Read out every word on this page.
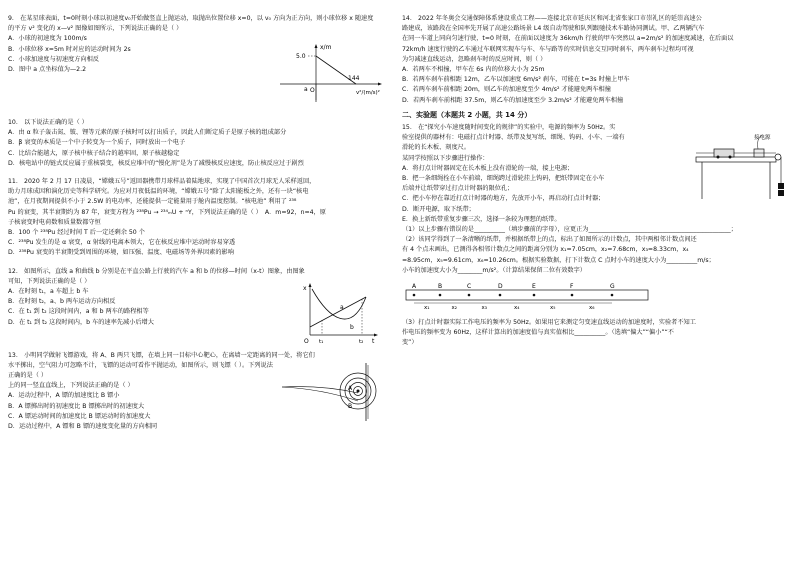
9.　在某星球表面，t=0时刻小球以初速度v₀开始做竖直上抛运动，取抛出位置位移 x=0，以 v₀ 方向为正方向，则小球位移 x 随速度的平方 v² 变化的 x—v² 图像如图所示，下列说法正确的是（ ）

A．小球的初速度为 100m/s

B．小球位移 x=5m 时对应的运动时间为 2s

C．小球加速度与初速度方向相反

D．图中 a 点坐标值为—2.2

x/m
5.0
144
v²/(m/s)²
O
a

10.　以下说法正确的是（ ）

A．由 α 粒子轰击氮、铍、锂等元素的原子核时可以打出质子，因此人们断定质子是原子核的组成部分

B．β 衰变的本质是一个中子转变为一个质子，同时放出一个电子

C．比结合能越大，原子核中核子结合的越牢固，原子核越稳定

D．核电站中的链式反应属于重核裂变，核反应堆中的“慢化剂”是为了减慢核反应速度，防止核反应过于剧烈

11.　2020 年 2 月 17 日凌晨，“嫦娥五号”返回器携带月球样品着陆地球，实现了中国首次月球无人采样返回，

助力月球成因和演化历史等科学研究。为应对月夜低温的环境，“嫦娥五号”除了太阳能板之外，还有一块“核电

池”，在月夜期间提供不小于 2.5W 的电功率，还能提供一定能量用于舱内温度控制。“核电池” 利用了 ²³⁸

Pu 的衰变，其半衰期约为 87 年，衰变方程为 ²³⁸Pu → ²³⁴ₘU + ⁿY，下列说法正确的是（ ）　A．m=92，n=4，原

子核衰变时电荷数和质量数都守恒

B．100 个 ²³⁸Pu 经过时间 T 后一定还剩余 50 个

C．²³⁸Pu 发生的是 α 衰变，α 射线的电离本领大，它在核反应堆中运动时容易穿透

D．²³⁸Pu 衰变的半衰期受到周围的环境，如压强、温度、电磁场等外界因素的影响

12.　如图所示，直线 a 和曲线 b 分别是在平直公路上行驶的汽车 a 和 b 的位移—时间（x-t）图象，由图象

可知，下列说法正确的是（ ）

A．在时刻 t₁，a 车超上 b 车

B．在时刻 t₂，a、b 两车运动方向相反

C．在 t₁ 到 t₂ 这段时间内，a 和 b 两车的路程相等

D．在 t₁ 到 t₂ 这段时间内，b 车的速率先减小后增大

x
t
O
a
b
t₁	t₂

13.　小明同学做射飞镖游戏，将 A、B 两只飞镖，在墙上同一目标中心靶心，在离墙一定距离的同一处，将它们

水平掷出，空气阻力可忽略不计，飞镖的运动可看作平抛运动，如图所示，则飞镖（ ）。下列说法正确的是（ ）

上的同一竖直直线上，下列说法正确的是（ ）

A．运动过程中，A 镖的加速度比 B 镖小

B．A 镖掷出时的初速度比 B 镖掷出时的初速度大

C．A 镖运动时间的加速度比 B 镖运动时的加速度大

D．运动过程中，A 镖和 B 镖的速度变化量的方向相同

A
B

14.　2022 年冬奥会交通保障体系建设重点工程——连接北京市延庆区和河北省张家口市崇礼区的延崇高速公

路建成，该路段在全国率先开展了高速公路场景 L4 级自动驾驶和队列跟驰技术车路协同测试。甲、乙两辆汽车

在同一车道上同向匀速行驶，t=0 时刻，在前面以速度为 36km/h 行驶的甲车突然以 a=2m/s² 的加速度减速，在后面以

72km/h 速度行驶的乙车通过车联网实现车与车、车与路等的实时信息交互同时刹车，两车刹车过程均可视

为匀减速直线运动，忽略刹车时的反应时间，则（ ）

A．若两车不相撞，甲车在 6s 内的位移大小为 25m

B．若两车刹车前相距 12m，乙车以加速度 6m/s² 刹车，可能在 t=3s 时撞上甲车

C．若两车刹车前相距 20m，则乙车的加速度至少 4m/s² 才能避免两车相撞

D．若两车刹车前相距 37.5m，则乙车的加速度至少 3.2m/s² 才能避免两车相撞

二、实验题（本题共 2 小题，共 14 分）

15.　在“探究小车速度随时间变化的规律”的实验中，电源的频率为 50Hz。实

验室提供的器材有：电磁打点计时器、纸带及复写纸、细绳、钩码、小车、一端有

滑轮的长木板、刻度尺。

某同学按照以下步骤进行操作：

A．将打点计时器固定在长木板上没有滑轮的一端，接上电源；

B．把一条细绳拴在小车前端，细绳跨过滑轮挂上钩码，把纸带固定在小车

后端并让纸带穿过打点计时器的限位孔；

C．把小车停在靠近打点计时器的地方，先放开小车，再启动打点计时器；

D．断开电源，取下纸带；

E．换上新纸带重复步骤三次，选择一条较为理想的纸带。

（1）以上步骤有错误的是__________（填步骤前的字母），应更正为______________________________________________；

（2）该同学得到了一条清晰的纸带，并根据纸带上的点，标出了如图所示的计数点，其中两相邻计数点间还

有 4 个点未画出，已测得各相邻计数点之间的距离分别为 x₁=7.05cm，x₂=7.68cm，x₃=8.33cm，x₄

=8.95cm，x₅=9.61cm，x₆=10.26cm。根据实验数据，打下计数点 C 点时小车的速度大小为__________m/s；

小车的加速度大小为________m/s²。（计算结果保留二位有效数字）

A	B	C	D	E	F	G
x₁	x₂	x₃	x₄	x₅	x₆

（3）打点计时器实际工作电压的频率为 50Hz。如果用它来测定匀变速直线运动的加速度时，实验者不知工

作电压的频率变为 60Hz，这样计算出的加速度值与真实值相比__________。（选填“偏大”“偏小”“不

变”）

接电源
